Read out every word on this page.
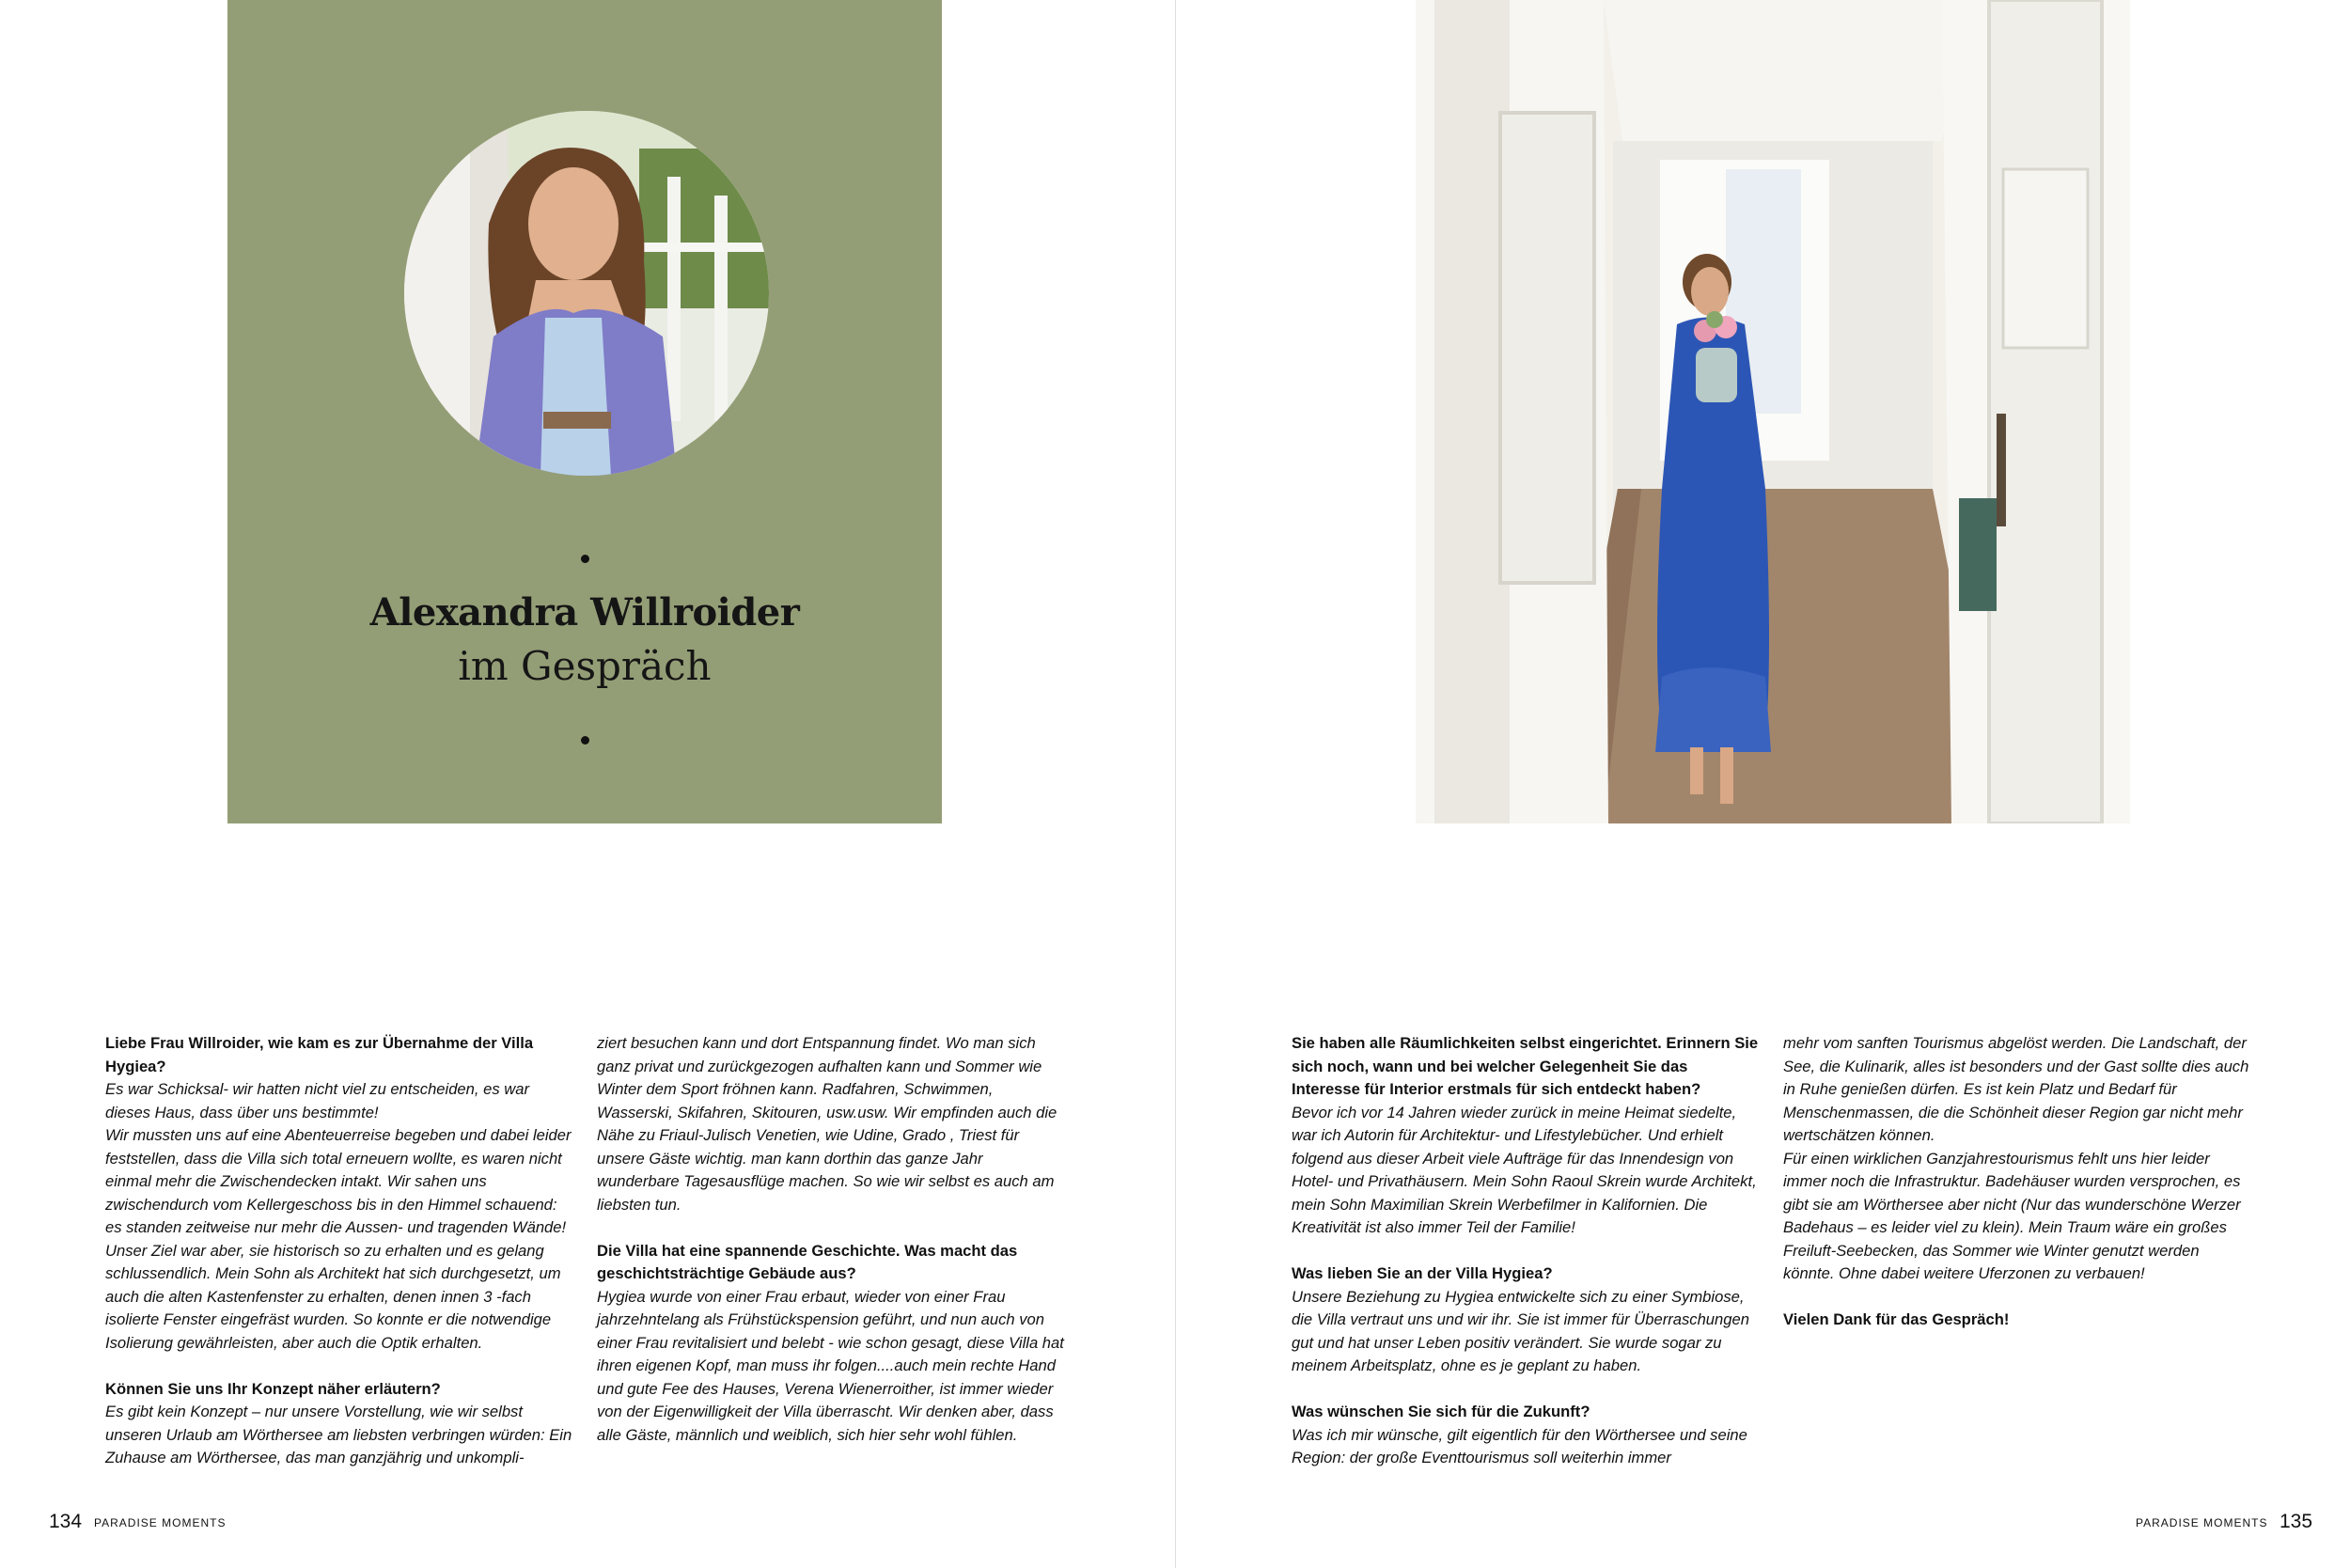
Alexandra Willroider
im Gespräch

Liebe Frau Willroider, wie kam es zur Übernahme der Villa Hygiea?

Es war Schicksal- wir hatten nicht viel zu entscheiden, es war dieses Haus, dass über uns bestimmte!

Wir mussten uns auf eine Abenteuerreise begeben und dabei leider feststellen, dass die Villa sich total erneuern wollte, es waren nicht einmal mehr die Zwischendecken intakt. Wir sahen uns zwischendurch vom Kellergeschoss bis in den Himmel schauend: es standen zeitweise nur mehr die Aussen- und tragenden Wände! Unser Ziel war aber, sie historisch so zu erhalten und es gelang schlussendlich. Mein Sohn als Architekt hat sich durchgesetzt, um auch die alten Kastenfenster zu erhalten, denen innen 3 -fach isolierte Fenster eingefräst wurden. So konnte er die notwendige Isolierung gewährleisten, aber auch die Optik erhalten.

Können Sie uns Ihr Konzept näher erläutern?

Es gibt kein Konzept – nur unsere Vorstellung, wie wir selbst unseren Urlaub am Wörthersee am liebsten verbringen würden: Ein Zuhause am Wörthersee, das man ganzjährig und unkompli-

ziert besuchen kann und dort Entspannung findet. Wo man sich ganz privat und zurückgezogen aufhalten kann und Sommer wie Winter dem Sport fröhnen kann. Radfahren, Schwimmen, Wasserski, Skifahren, Skitouren, usw.usw. Wir empfinden auch die Nähe zu Friaul-Julisch Venetien, wie Udine, Grado , Triest für unsere Gäste wichtig. man kann dorthin das ganze Jahr wunderbare Tagesausflüge machen. So wie wir selbst es auch am liebsten tun.

Die Villa hat eine spannende Geschichte. Was macht das geschichtsträchtige Gebäude aus?

Hygiea wurde von einer Frau erbaut, wieder von einer Frau jahrzehntelang als Frühstückspension geführt, und nun auch von einer Frau revitalisiert und belebt - wie schon gesagt, diese Villa hat ihren eigenen Kopf, man muss ihr folgen....auch mein rechte Hand und gute Fee des Hauses, Verena Wienerroither, ist immer wieder von der Eigenwilligkeit der Villa überrascht. Wir denken aber, dass alle Gäste, männlich und weiblich, sich hier sehr wohl fühlen.

134 PARADISE MOMENTS

Sie haben alle Räumlichkeiten selbst eingerichtet. Erinnern Sie sich noch, wann und bei welcher Gelegenheit Sie das Interesse für Interior erstmals für sich entdeckt haben?

Bevor ich vor 14 Jahren wieder zurück in meine Heimat siedelte, war ich Autorin für Architektur- und Lifestylebücher. Und erhielt folgend aus dieser Arbeit viele Aufträge für das Innendesign von Hotel- und Privathäusern. Mein Sohn Raoul Skrein wurde Architekt, mein Sohn Maximilian Skrein Werbefilmer in Kalifornien. Die Kreativität ist also immer Teil der Familie!

Was lieben Sie an der Villa Hygiea?

Unsere Beziehung zu Hygiea entwickelte sich zu einer Symbiose, die Villa vertraut uns und wir ihr. Sie ist immer für Überraschungen gut und hat unser Leben positiv verändert. Sie wurde sogar zu meinem Arbeitsplatz, ohne es je geplant zu haben.

Was wünschen Sie sich für die Zukunft?

Was ich mir wünsche, gilt eigentlich für den Wörthersee und seine Region: der große Eventtourismus soll weiterhin immer

mehr vom sanften Tourismus abgelöst werden. Die Landschaft, der See, die Kulinarik, alles ist besonders und der Gast sollte dies auch in Ruhe genießen dürfen. Es ist kein Platz und Bedarf für Menschenmassen, die die Schönheit dieser Region gar nicht mehr wertschätzen können.

Für einen wirklichen Ganzjahrestourismus fehlt uns hier leider immer noch die Infrastruktur. Badehäuser wurden versprochen, es gibt sie am Wörthersee aber nicht (Nur das wunderschöne Werzer Badehaus – es leider viel zu klein). Mein Traum wäre ein großes Freiluft-Seebecken, das Sommer wie Winter genutzt werden könnte. Ohne dabei weitere Uferzonen zu verbauen!

Vielen Dank für das Gespräch!

PARADISE MOMENTS 135
